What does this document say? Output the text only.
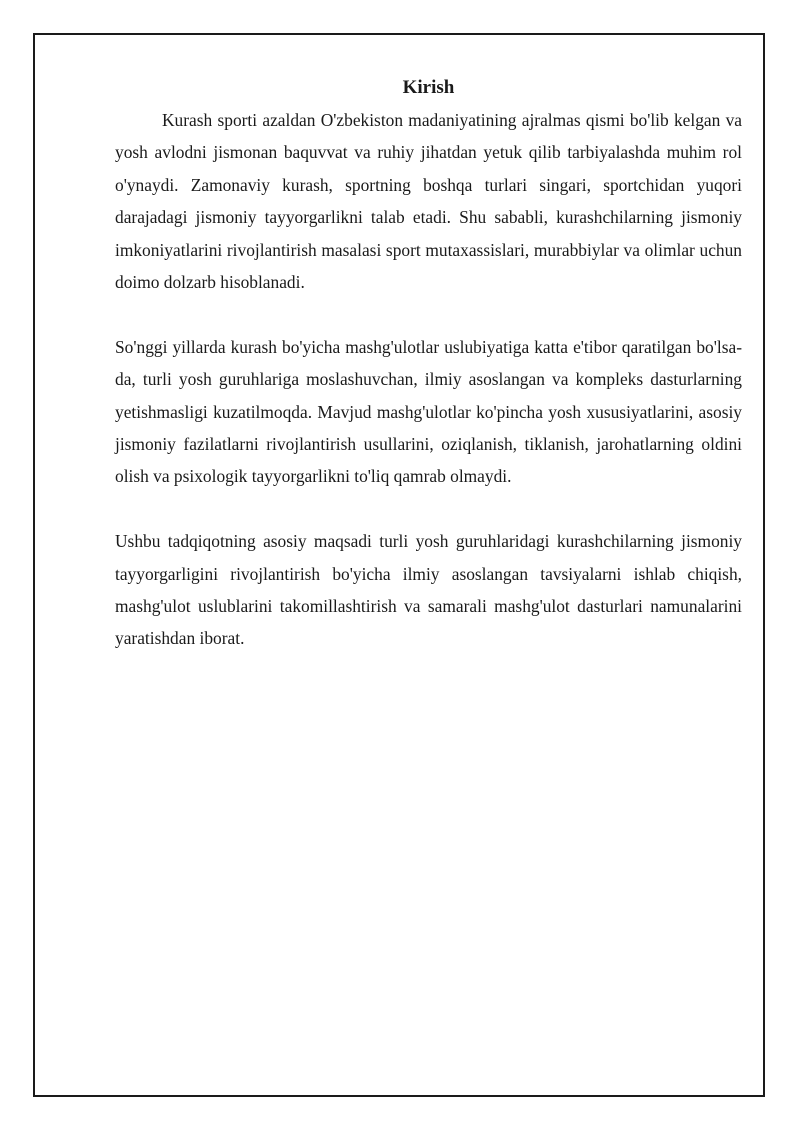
Kirish

Kurash sporti azaldan O'zbekiston madaniyatining ajralmas qismi bo'lib kelgan va yosh avlodni jismonan baquvvat va ruhiy jihatdan yetuk qilib tarbiyalashda muhim rol o'ynaydi. Zamonaviy kurash, sportning boshqa turlari singari, sportchidan yuqori darajadagi jismoniy tayyorgarlikni talab etadi. Shu sababli, kurashchilarning jismoniy imkoniyatlarini rivojlantirish masalasi sport mutaxassislari, murabbiylar va olimlar uchun doimo dolzarb hisoblanadi.

So'nggi yillarda kurash bo'yicha mashg'ulotlar uslubiyatiga katta e'tibor qaratilgan bo'lsa-da, turli yosh guruhlariga moslashuvchan, ilmiy asoslangan va kompleks dasturlarning yetishmasligi kuzatilmoqda. Mavjud mashg'ulotlar ko'pincha yosh xususiyatlarini, asosiy jismoniy fazilatlarni rivojlantirish usullarini, oziqlanish, tiklanish, jarohatlarning oldini olish va psixologik tayyorgarlikni to'liq qamrab olmaydi.

Ushbu tadqiqotning asosiy maqsadi turli yosh guruhlaridagi kurashchilarning jismoniy tayyorgarligini rivojlantirish bo'yicha ilmiy asoslangan tavsiyalarni ishlab chiqish, mashg'ulot uslublarini takomillashtirish va samarali mashg'ulot dasturlari namunalarini yaratishdan iborat.
